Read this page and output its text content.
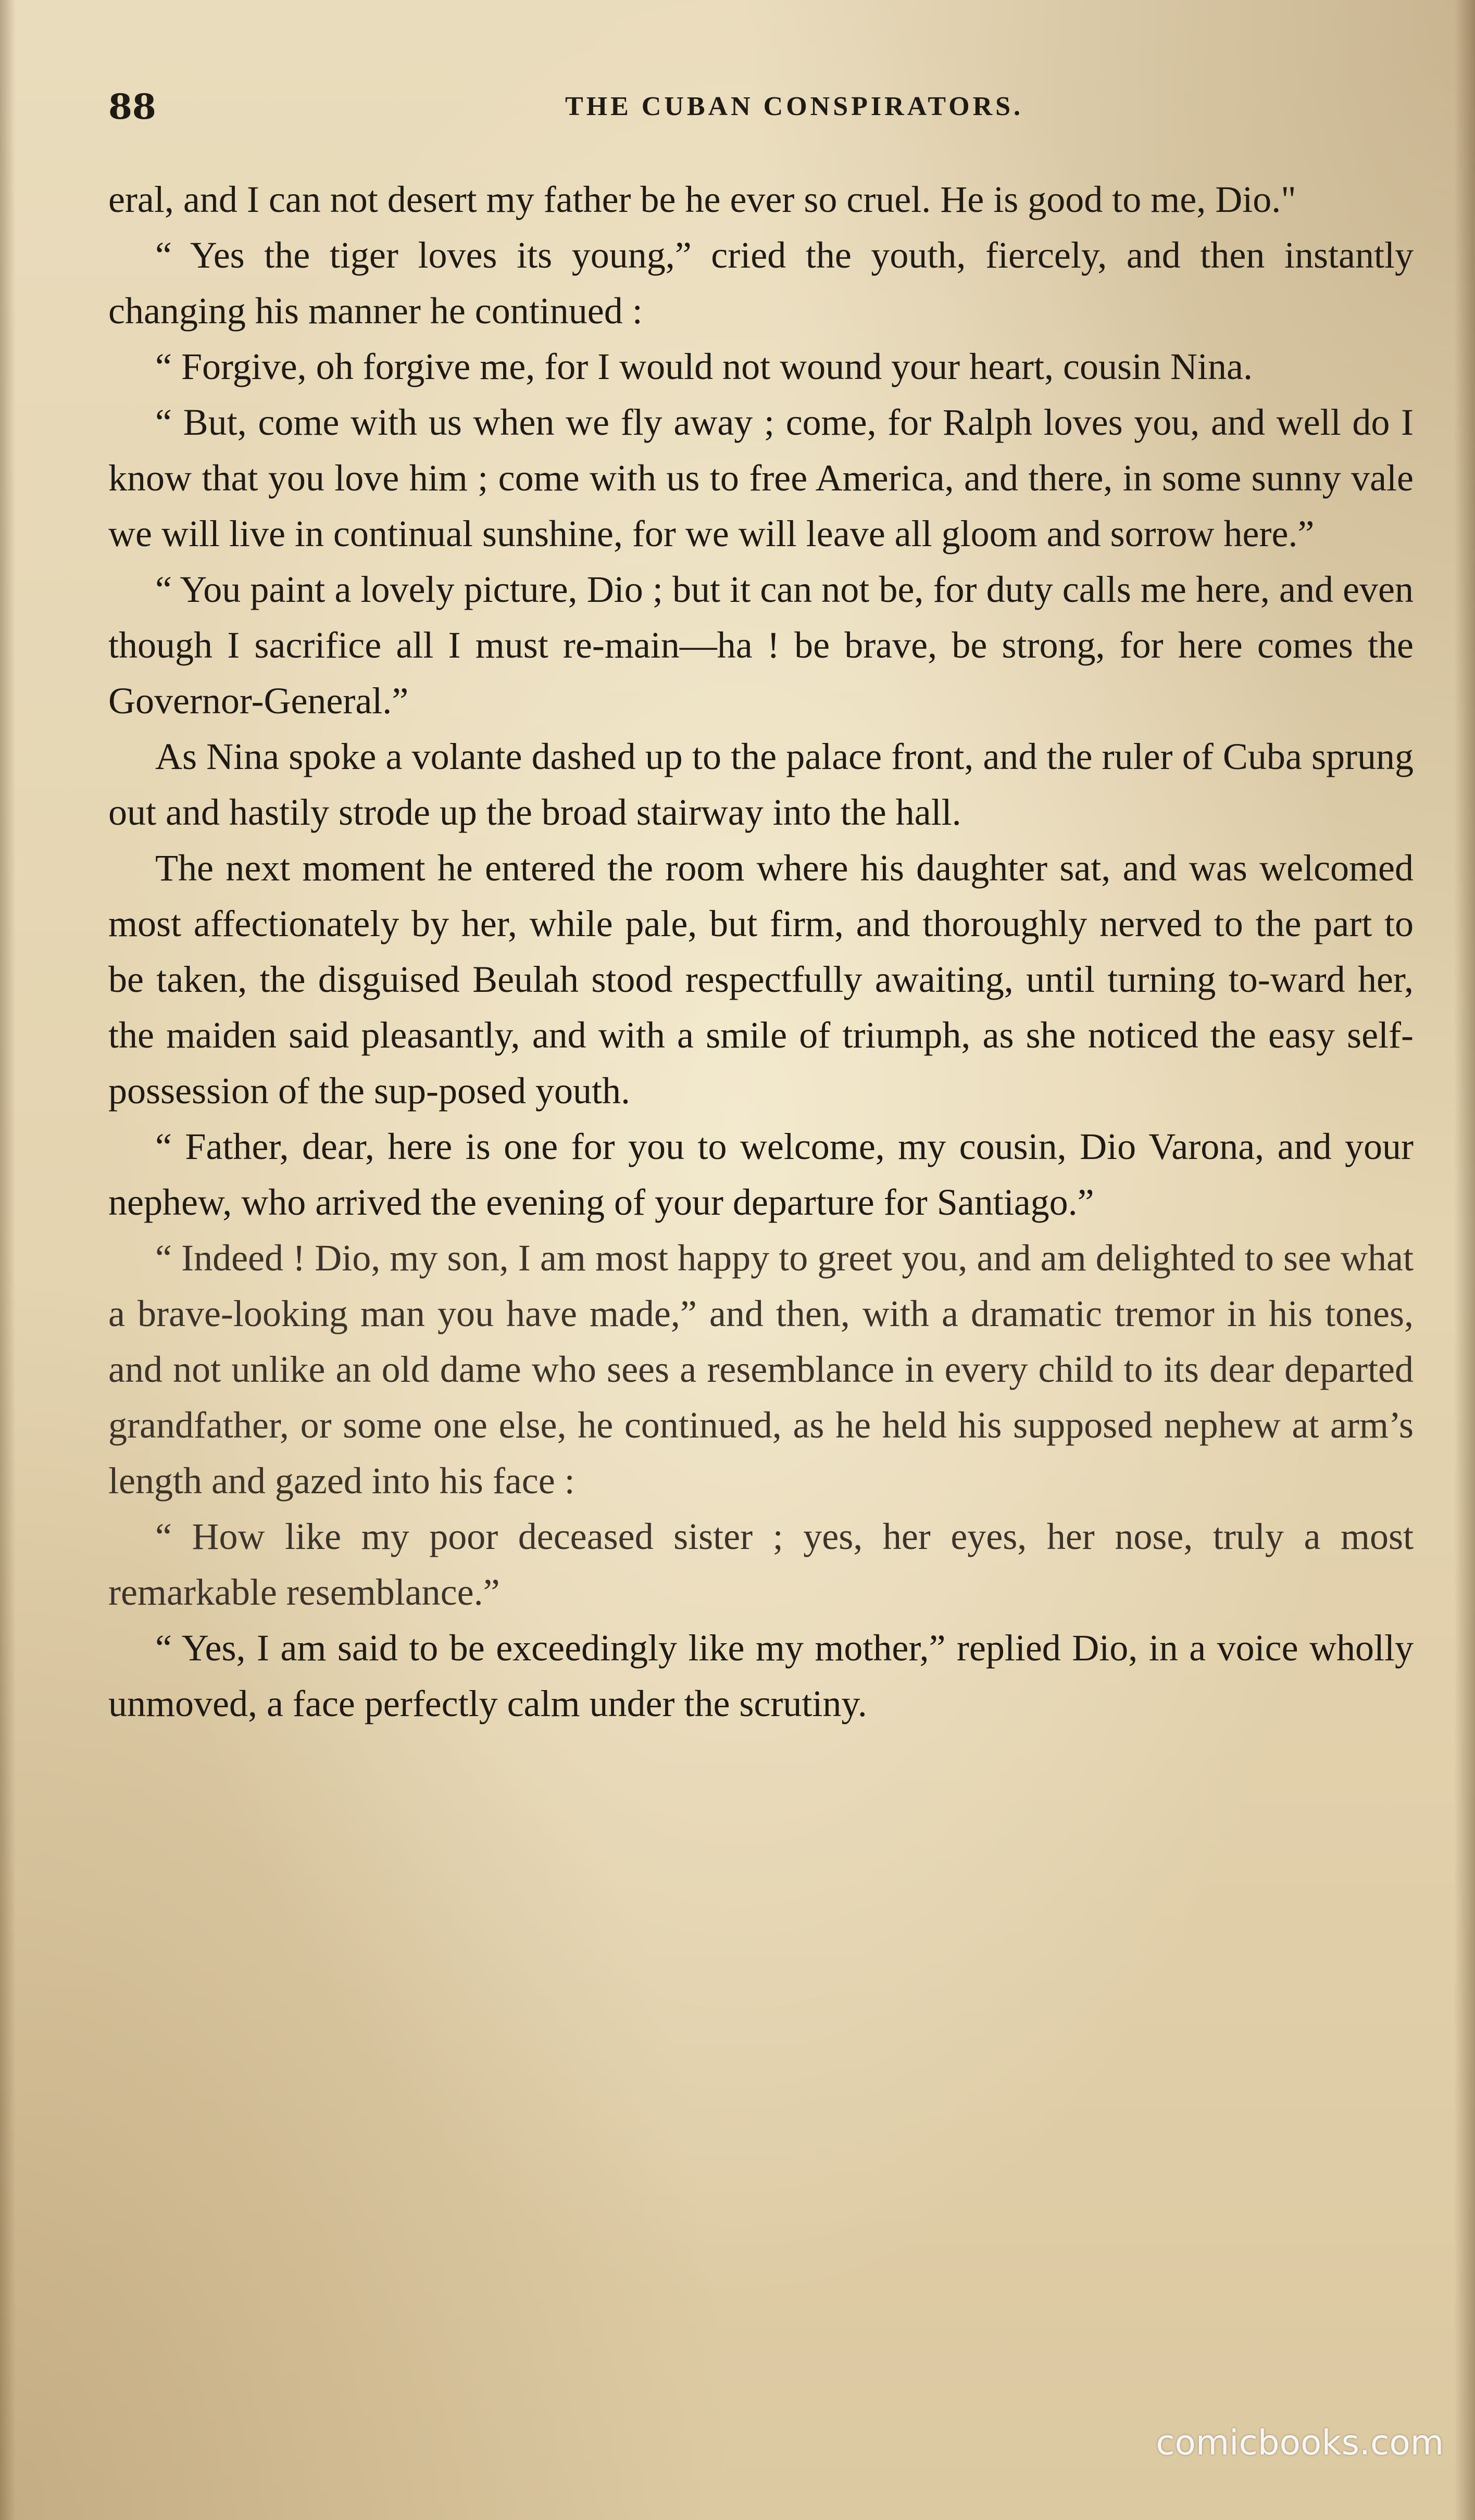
88	THE CUBAN CONSPIRATORS.

eral, and I can not desert my father be he ever so cruel. He is good to me, Dio."

“ Yes the tiger loves its young,” cried the youth, fiercely, and then instantly changing his manner he continued :

“ Forgive, oh forgive me, for I would not wound your heart, cousin Nina.

“ But, come with us when we fly away ; come, for Ralph loves you, and well do I know that you love him ; come with us to free America, and there, in some sunny vale we will live in continual sunshine, for we will leave all gloom and sorrow here.”

“ You paint a lovely picture, Dio ; but it can not be, for duty calls me here, and even though I sacrifice all I must re-main—ha ! be brave, be strong, for here comes the Governor-General.”

As Nina spoke a volante dashed up to the palace front, and the ruler of Cuba sprung out and hastily strode up the broad stairway into the hall.

The next moment he entered the room where his daughter sat, and was welcomed most affectionately by her, while pale, but firm, and thoroughly nerved to the part to be taken, the disguised Beulah stood respectfully awaiting, until turning to-ward her, the maiden said pleasantly, and with a smile of triumph, as she noticed the easy self-possession of the sup-posed youth.

“ Father, dear, here is one for you to welcome, my cousin, Dio Varona, and your nephew, who arrived the evening of your departure for Santiago.”

“ Indeed ! Dio, my son, I am most happy to greet you, and am delighted to see what a brave-looking man you have made,” and then, with a dramatic tremor in his tones, and not unlike an old dame who sees a resemblance in every child to its dear departed grandfather, or some one else, he continued, as he held his supposed nephew at arm’s length and gazed into his face :

“ How like my poor deceased sister ; yes, her eyes, her nose, truly a most remarkable resemblance.”

“ Yes, I am said to be exceedingly like my mother,” replied Dio, in a voice wholly unmoved, a face perfectly calm under the scrutiny.

comicbooks.com
